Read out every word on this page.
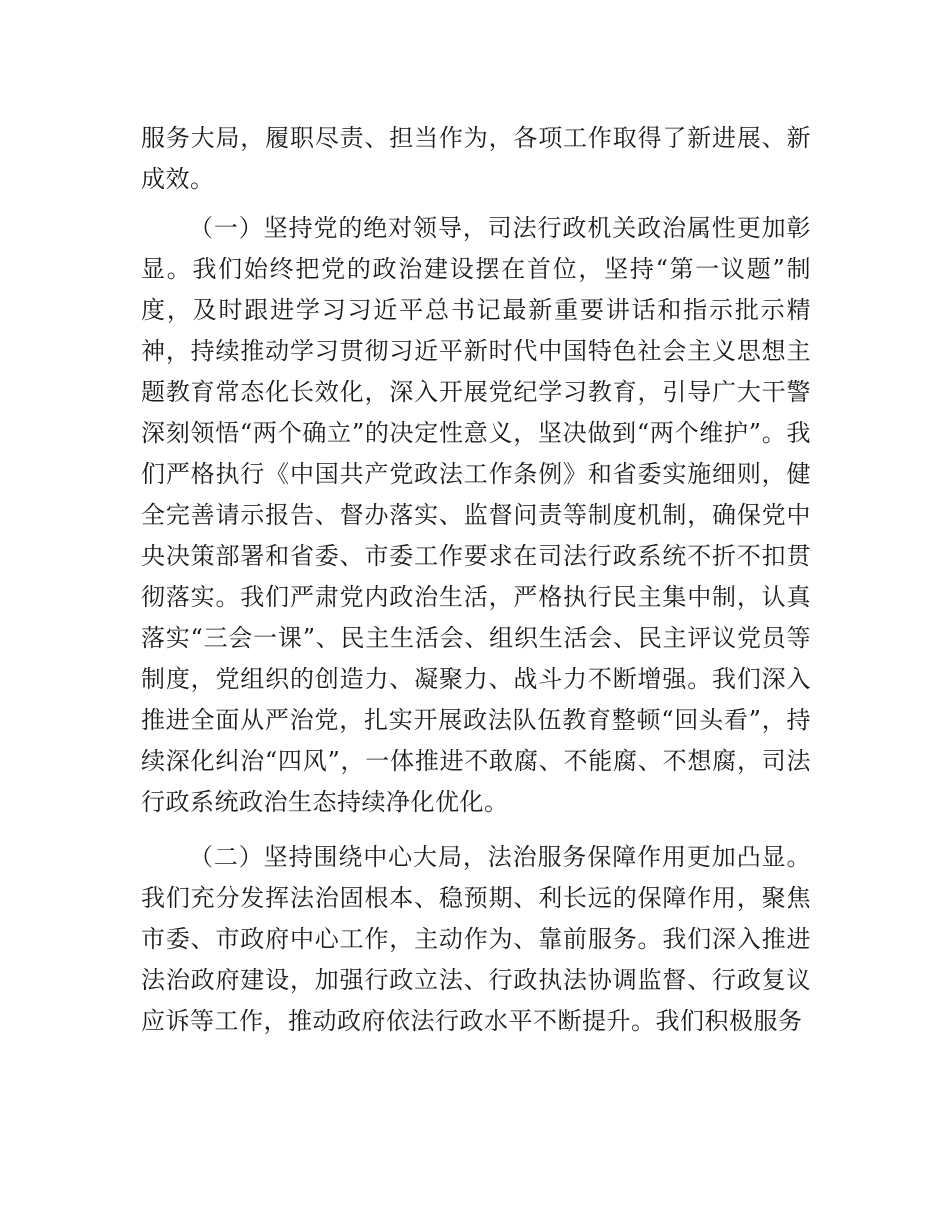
服务大局，履职尽责、担当作为，各项工作取得了新进展、新成效。

（一）坚持党的绝对领导，司法行政机关政治属性更加彰显。我们始终把党的政治建设摆在首位，坚持“第一议题”制度，及时跟进学习习近平总书记最新重要讲话和指示批示精神，持续推动学习贯彻习近平新时代中国特色社会主义思想主题教育常态化长效化，深入开展党纪学习教育，引导广大干警深刻领悟“两个确立”的决定性意义，坚决做到“两个维护”。我们严格执行《中国共产党政法工作条例》和省委实施细则，健全完善请示报告、督办落实、监督问责等制度机制，确保党中央决策部署和省委、市委工作要求在司法行政系统不折不扣贯彻落实。我们严肃党内政治生活，严格执行民主集中制，认真落实“三会一课”、民主生活会、组织生活会、民主评议党员等制度，党组织的创造力、凝聚力、战斗力不断增强。我们深入推进全面从严治党，扎实开展政法队伍教育整顿“回头看”，持续深化纠治“四风”，一体推进不敢腐、不能腐、不想腐，司法行政系统政治生态持续净化优化。

（二）坚持围绕中心大局，法治服务保障作用更加凸显。我们充分发挥法治固根本、稳预期、利长远的保障作用，聚焦市委、市政府中心工作，主动作为、靠前服务。我们深入推进法治政府建设，加强行政立法、行政执法协调监督、行政复议应诉等工作，推动政府依法行政水平不断提升。我们积极服务
